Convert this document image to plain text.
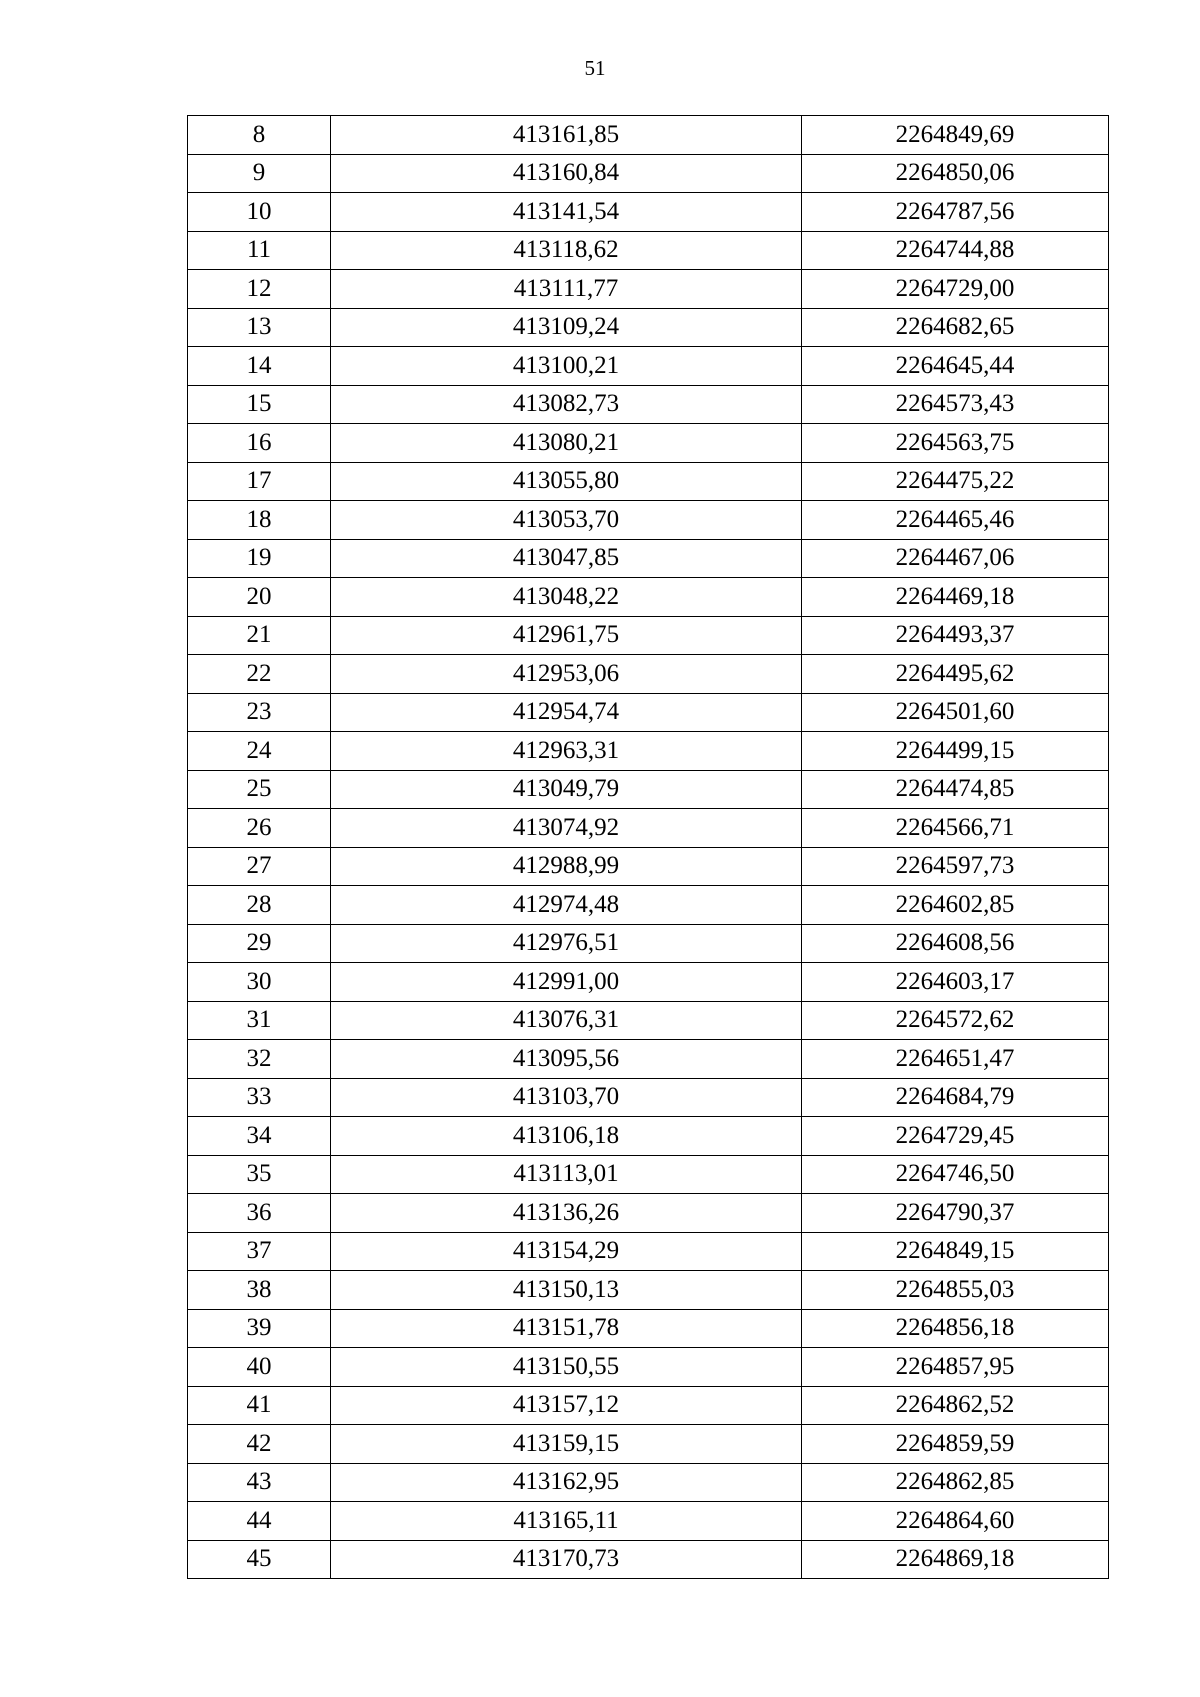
51
8	413161,85	2264849,69
9	413160,84	2264850,06
10	413141,54	2264787,56
11	413118,62	2264744,88
12	413111,77	2264729,00
13	413109,24	2264682,65
14	413100,21	2264645,44
15	413082,73	2264573,43
16	413080,21	2264563,75
17	413055,80	2264475,22
18	413053,70	2264465,46
19	413047,85	2264467,06
20	413048,22	2264469,18
21	412961,75	2264493,37
22	412953,06	2264495,62
23	412954,74	2264501,60
24	412963,31	2264499,15
25	413049,79	2264474,85
26	413074,92	2264566,71
27	412988,99	2264597,73
28	412974,48	2264602,85
29	412976,51	2264608,56
30	412991,00	2264603,17
31	413076,31	2264572,62
32	413095,56	2264651,47
33	413103,70	2264684,79
34	413106,18	2264729,45
35	413113,01	2264746,50
36	413136,26	2264790,37
37	413154,29	2264849,15
38	413150,13	2264855,03
39	413151,78	2264856,18
40	413150,55	2264857,95
41	413157,12	2264862,52
42	413159,15	2264859,59
43	413162,95	2264862,85
44	413165,11	2264864,60
45	413170,73	2264869,18
